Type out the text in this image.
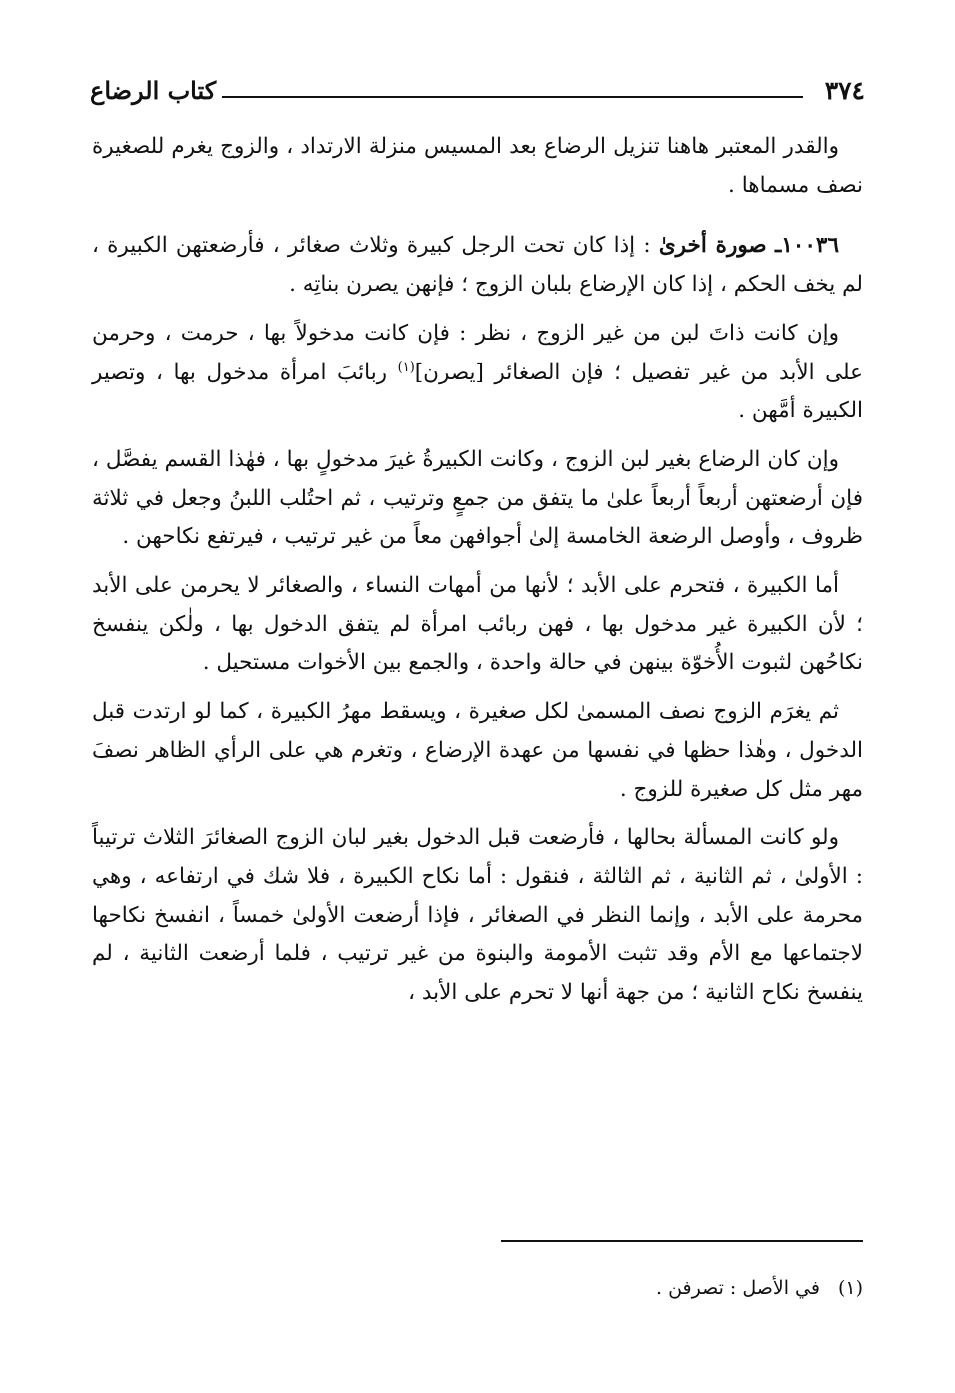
٣٧٤
كتاب الرضاع

والقدر المعتبر هاهنا تنزيل الرضاع بعد المسيس منزلة الارتداد ، والزوج يغرم للصغيرة نصف مسماها .

١٠٠٣٦ـ صورة أخرىٰ : إذا كان تحت الرجل كبيرة وثلاث صغائر ، فأرضعتهن الكبيرة ، لم يخف الحكم ، إذا كان الإرضاع بلبان الزوج ؛ فإنهن يصرن بناتِه .

وإن كانت ذاتَ لبن من غير الزوج ، نظر : فإن كانت مدخولاً بها ، حرمت ، وحرمن على الأبد من غير تفصيل ؛ فإن الصغائر [يصرن]$^{(١)}$ ربائبَ امرأة مدخول بها ، وتصير الكبيرة أمَّهن .

وإن كان الرضاع بغير لبن الزوج ، وكانت الكبيرةُ غيرَ مدخولٍ بها ، فهٰذا القسم يفصَّل ، فإن أرضعتهن أربعاً أربعاً علىٰ ما يتفق من جمعٍ وترتيب ، ثم احتُلب اللبنُ وجعل في ثلاثة ظروف ، وأوصل الرضعة الخامسة إلىٰ أجوافهن معاً من غير ترتيب ، فيرتفع نكاحهن .

أما الكبيرة ، فتحرم على الأبد ؛ لأنها من أمهات النساء ، والصغائر لا يحرمن على الأبد ؛ لأن الكبيرة غير مدخول بها ، فهن ربائب امرأة لم يتفق الدخول بها ، ولٰكن ينفسخ نكاحُهن لثبوت الأُخوّة بينهن في حالة واحدة ، والجمع بين الأخوات مستحيل .

ثم يغرَم الزوج نصف المسمىٰ لكل صغيرة ، ويسقط مهرُ الكبيرة ، كما لو ارتدت قبل الدخول ، وهٰذا حظها في نفسها من عهدة الإرضاع ، وتغرم هي على الرأي الظاهر نصفَ مهر مثل كل صغيرة للزوج .

ولو كانت المسألة بحالها ، فأرضعت قبل الدخول بغير لبان الزوج الصغائرَ الثلاث ترتيباً : الأولىٰ ، ثم الثانية ، ثم الثالثة ، فنقول : أما نكاح الكبيرة ، فلا شك في ارتفاعه ، وهي محرمة على الأبد ، وإنما النظر في الصغائر ، فإذا أرضعت الأولىٰ خمساً ، انفسخ نكاحها لاجتماعها مع الأم وقد تثبت الأمومة والبنوة من غير ترتيب ، فلما أرضعت الثانية ، لم ينفسخ نكاح الثانية ؛ من جهة أنها لا تحرم على الأبد ،

(١)في الأصل : تصرفن .
